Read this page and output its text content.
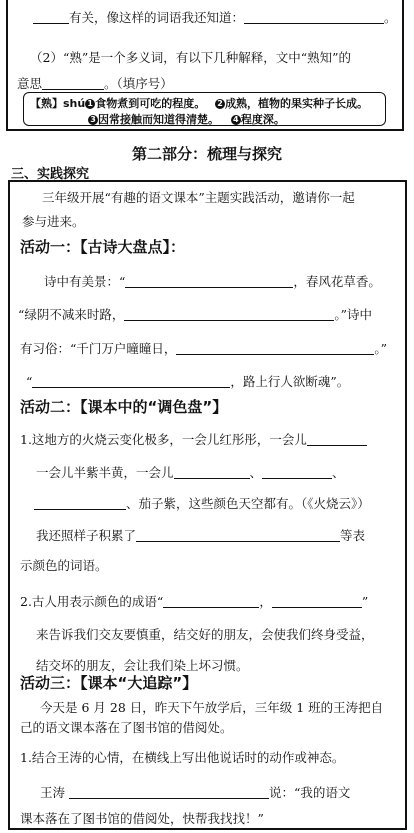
有关，像这样的词语我还知道：	。
（2）“熟”是一个多义词，有以下几种解释，文中“熟知”的
意思	。（填序号）
【熟】shú 1 食物煮到可吃的程度。 2 成熟，植物的果实种子长成。
3 因常接触而知道得清楚。 4 程度深。
第二部分：梳理与探究
三、实践探究
三年级开展“有趣的语文课本”主题实践活动，邀请你一起
参与进来。
活动一：【古诗大盘点】：
诗中有美景：“	，春风花草香。
“绿阴不减来时路，	。”诗中
有习俗：“千门万户曈曈日，	。”
“	，路上行人欲断魂”。
活动二：【课本中的“调色盘”】
1.这地方的火烧云变化极多，一会儿红彤彤，一会儿
一会儿半紫半黄，一会儿	、	、
、茄子紫，这些颜色天空都有。（《火烧云》）
我还照样子积累了	等表
示颜色的词语。
2.古人用表示颜色的成语“	，	”
来告诉我们交友要慎重，结交好的朋友，会使我们终身受益，
结交坏的朋友，会让我们染上坏习惯。
活动三：【课本“大追踪”】
今天是 6 月 28 日，昨天下午放学后，三年级 1 班的王涛把自
己的语文课本落在了图书馆的借阅处。
1.结合王涛的心情，在横线上写出他说话时的动作或神态。
王涛	说：“我的语文
课本落在了图书馆的借阅处，快帮我找找！”
